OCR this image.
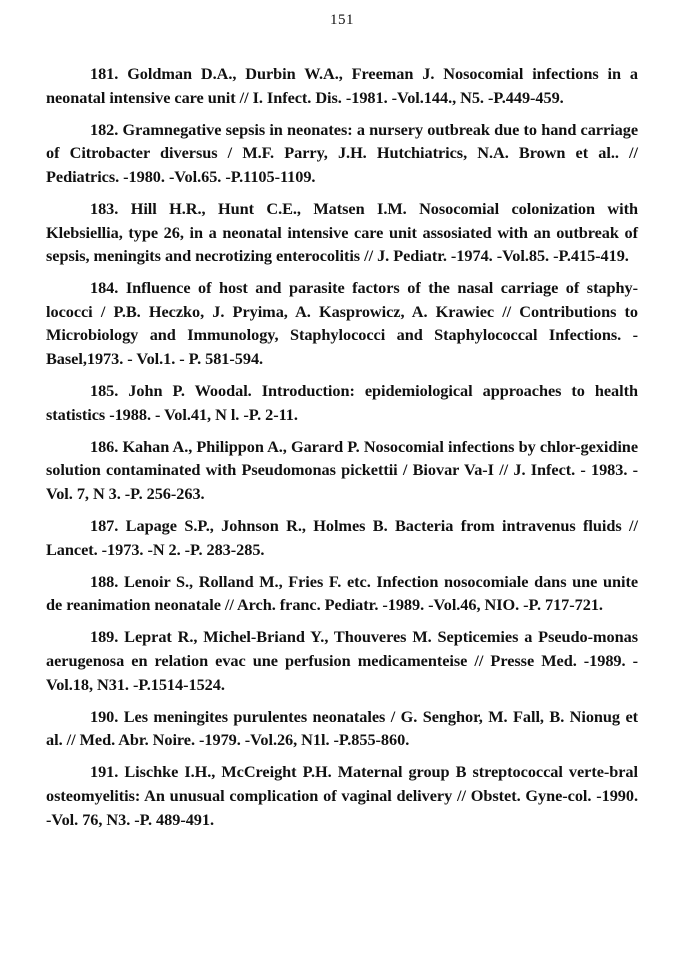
151

181. Goldman D.A., Durbin W.A., Freeman J. Nosocomial infections in a neonatal intensive care unit // I. Infect. Dis. -1981. -Vol.144., N5. -P.449-459.

182. Gramnegative sepsis in neonates: a nursery outbreak due to hand carriage of Citrobacter diversus / M.F. Parry, J.H. Hutchiatrics, N.A. Brown et al.. // Pediatrics. -1980. -Vol.65. -P.1105-1109.

183. Hill H.R., Hunt C.E., Matsen I.M. Nosocomial colonization with Klebsiellia, type 26, in a neonatal intensive care unit assosiated with an outbreak of sepsis, meningits and necrotizing enterocolitis // J. Pediatr. -1974. -Vol.85. -P.415-419.

184. Influence of host and parasite factors of the nasal carriage of staphy-lococci / P.B. Heczko, J. Pryima, A. Kasprowicz, A. Krawiec // Contributions to Microbiology and Immunology, Staphylococci and Staphylococcal Infections. -Basel,1973. - Vol.1. - P. 581-594.

185. John P. Woodal. Introduction: epidemiological approaches to health statistics -1988. - Vol.41, N l. -P. 2-11.

186. Kahan A., Philippon A., Garard P. Nosocomial infections by chlor-gexidine solution contaminated with Pseudomonas pickettii / Biovar Va-I // J. Infect. - 1983. - Vol. 7, N 3. -P. 256-263.

187. Lapage S.P., Johnson R., Holmes B. Bacteria from intravenus fluids // Lancet. -1973. -N 2. -P. 283-285.

188. Lenoir S., Rolland M., Fries F. etc. Infection nosocomiale dans une unite de reanimation neonatale // Arch. franc. Pediatr. -1989. -Vol.46, NIO. -P. 717-721.

189. Leprat R., Michel-Briand Y., Thouveres M. Septicemies a Pseudo-monas aerugenosa en relation evac une perfusion medicamenteise // Presse Med. -1989. -Vol.18, N31. -P.1514-1524.

190. Les meningites purulentes neonatales / G. Senghor, M. Fall, B. Nionug et al. // Med. Abr. Noire. -1979. -Vol.26, N1l. -P.855-860.

191. Lischke I.H., McCreight P.H. Maternal group B streptococcal verte-bral osteomyelitis: An unusual complication of vaginal delivery // Obstet. Gyne-col. -1990. -Vol. 76, N3. -P. 489-491.
